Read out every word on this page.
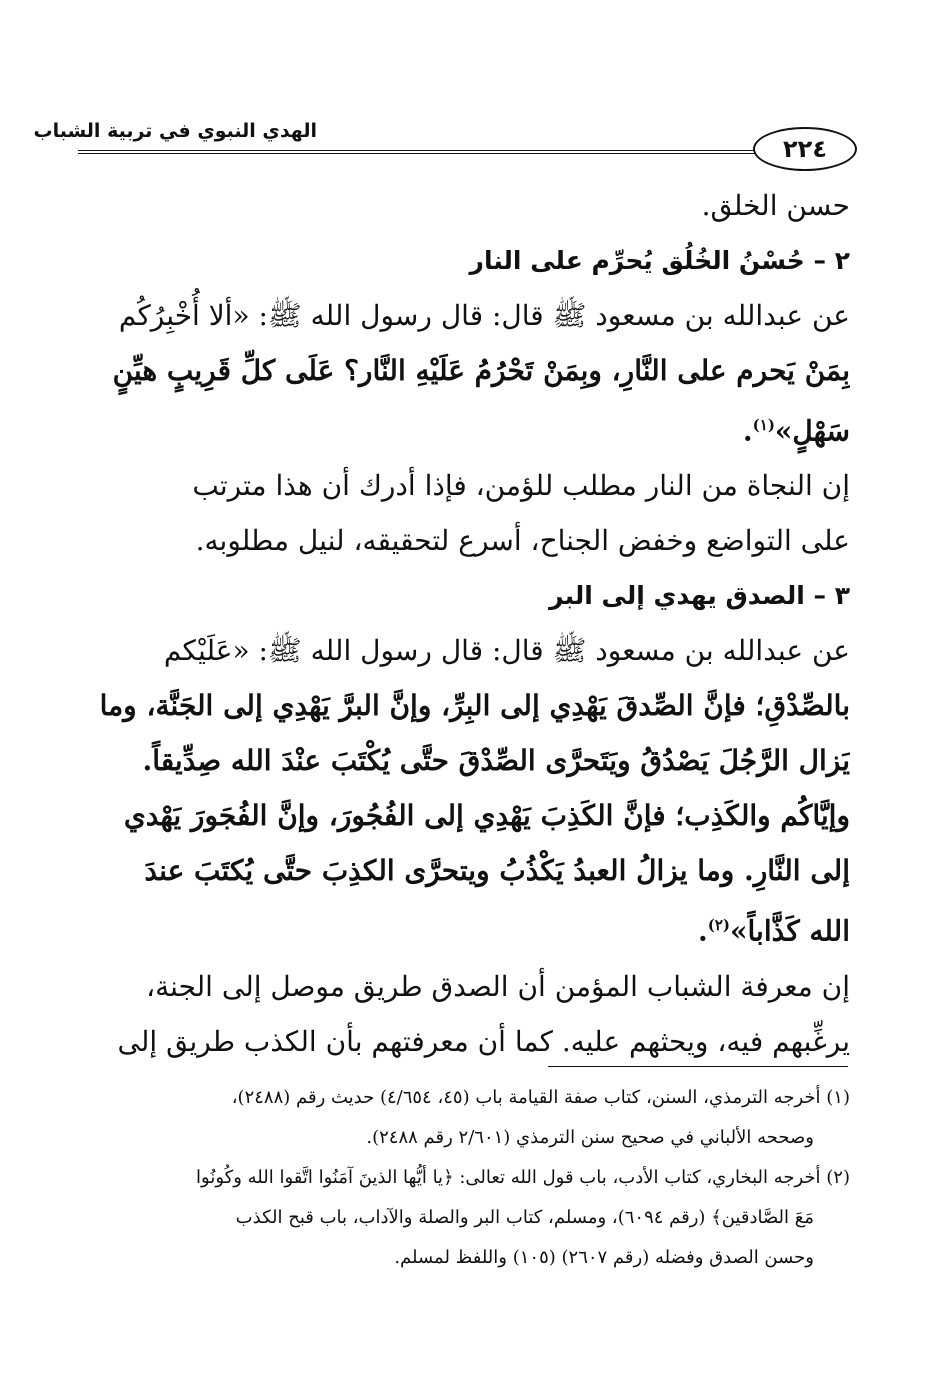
الهدي النبوي في تربية الشباب
٢٢٤
حسن الخلق.
٢ – حُسْنُ الخُلُق يُحرِّم على النار
عن عبدالله بن مسعود ﷺ قال: قال رسول الله ﷺ: «ألا أُخْبِرُكُم
بِمَنْ يَحرم على النَّارِ، وبِمَنْ تَحْرُمُ عَلَيْهِ النَّار؟ عَلَى كلِّ قَرِيبٍ هيِّنٍ
سَهْلٍ»$^{(١)}$.
إن النجاة من النار مطلب للؤمن، فإذا أدرك أن هذا مترتب
على التواضع وخفض الجناح، أسرع لتحقيقه، لنيل مطلوبه.
٣ – الصدق يهدي إلى البر
عن عبدالله بن مسعود ﷺ قال: قال رسول الله ﷺ: «عَلَيْكم
بالصِّدْقِ؛ فإنَّ الصِّدقَ يَهْدِي إلى البِرِّ، وإنَّ البرَّ يَهْدِي إلى الجَنَّة، وما
يَزال الرَّجُلَ يَصْدُقُ ويَتَحرَّى الصِّدْقَ حتَّى يُكْتَبَ عنْدَ الله صِدِّيقاً.
وإيَّاكُم والكَذِب؛ فإنَّ الكَذِبَ يَهْدِي إلى الفُجُورَ، وإنَّ الفُجَورَ يَهْدي
إلى النَّارِ. وما يزالُ العبدُ يَكْذُبُ ويتحرَّى الكذِبَ حتَّى يُكتَبَ عندَ
الله كَذَّاباً»$^{(٢)}$.
إن معرفة الشباب المؤمن أن الصدق طريق موصل إلى الجنة،
يرغِّبهم فيه، ويحثهم عليه. كما أن معرفتهم بأن الكذب طريق إلى
(١) أخرجه الترمذي، السنن، كتاب صفة القيامة باب (٤٥، ٤/٦٥٤) حديث رقم (٢٤٨٨)،
وصححه الألباني في صحيح سنن الترمذي (٢/٦٠١ رقم ٢٤٨٨).
(٢) أخرجه البخاري، كتاب الأدب، باب قول الله تعالى: ﴿يا أيُّها الذينَ آمَنُوا اتَّقوا الله وكُونُوا
مَعَ الصَّادقين﴾ (رقم ٦٠٩٤)، ومسلم، كتاب البر والصلة والآداب، باب قبح الكذب
وحسن الصدق وفضله (رقم ٢٦٠٧) (١٠٥) واللفظ لمسلم.
